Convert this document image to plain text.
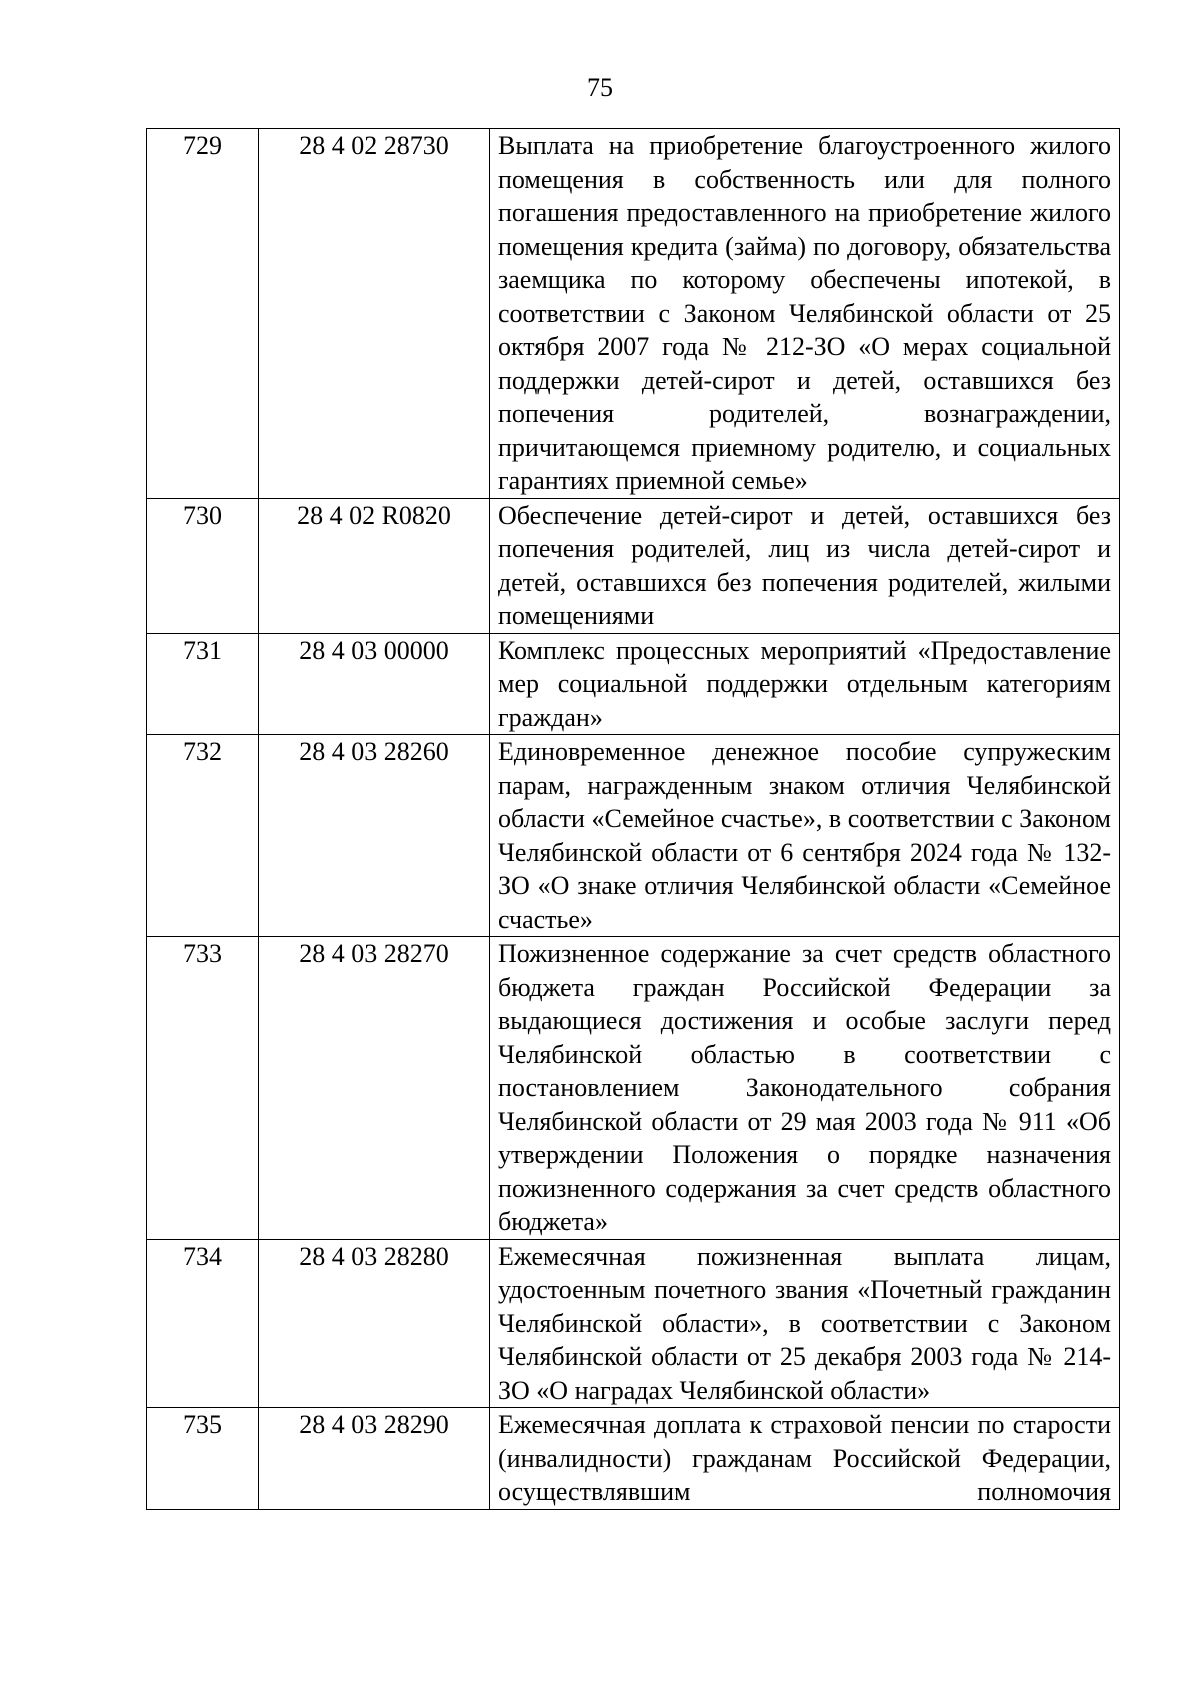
75
729	28 4 02 28730	Выплата на приобретение благоустроенного жилого помещения в собственность или для полного погашения предоставленного на приобретение жилого помещения кредита (займа) по договору, обязательства заемщика по которому обеспечены ипотекой, в соответствии с Законом Челябинской области от 25 октября 2007 года № 212-ЗО «О мерах социальной поддержки детей-сирот и детей, оставшихся без попечения родителей, вознаграждении, причитающемся приемному родителю, и социальных гарантиях приемной семье»
730	28 4 02 R0820	Обеспечение детей-сирот и детей, оставшихся без попечения родителей, лиц из числа детей-сирот и детей, оставшихся без попечения родителей, жилыми помещениями
731	28 4 03 00000	Комплекс процессных мероприятий «Предоставление мер социальной поддержки отдельным категориям граждан»
732	28 4 03 28260	Единовременное денежное пособие супружеским парам, награжденным знаком отличия Челябинской области «Семейное счастье», в соответствии с Законом Челябинской области от 6 сентября 2024 года № 132-ЗО «О знаке отличия Челябинской области «Семейное счастье»
733	28 4 03 28270	Пожизненное содержание за счет средств областного бюджета граждан Российской Федерации за выдающиеся достижения и особые заслуги перед Челябинской областью в соответствии с постановлением Законодательного собрания Челябинской области от 29 мая 2003 года № 911 «Об утверждении Положения о порядке назначения пожизненного содержания за счет средств областного бюджета»
734	28 4 03 28280	Ежемесячная пожизненная выплата лицам, удостоенным почетного звания «Почетный гражданин Челябинской области», в соответствии с Законом Челябинской области от 25 декабря 2003 года № 214-ЗО «О наградах Челябинской области»
735	28 4 03 28290	Ежемесячная доплата к страховой пенсии по старости (инвалидности) гражданам Российской Федерации, осуществлявшим полномочия
